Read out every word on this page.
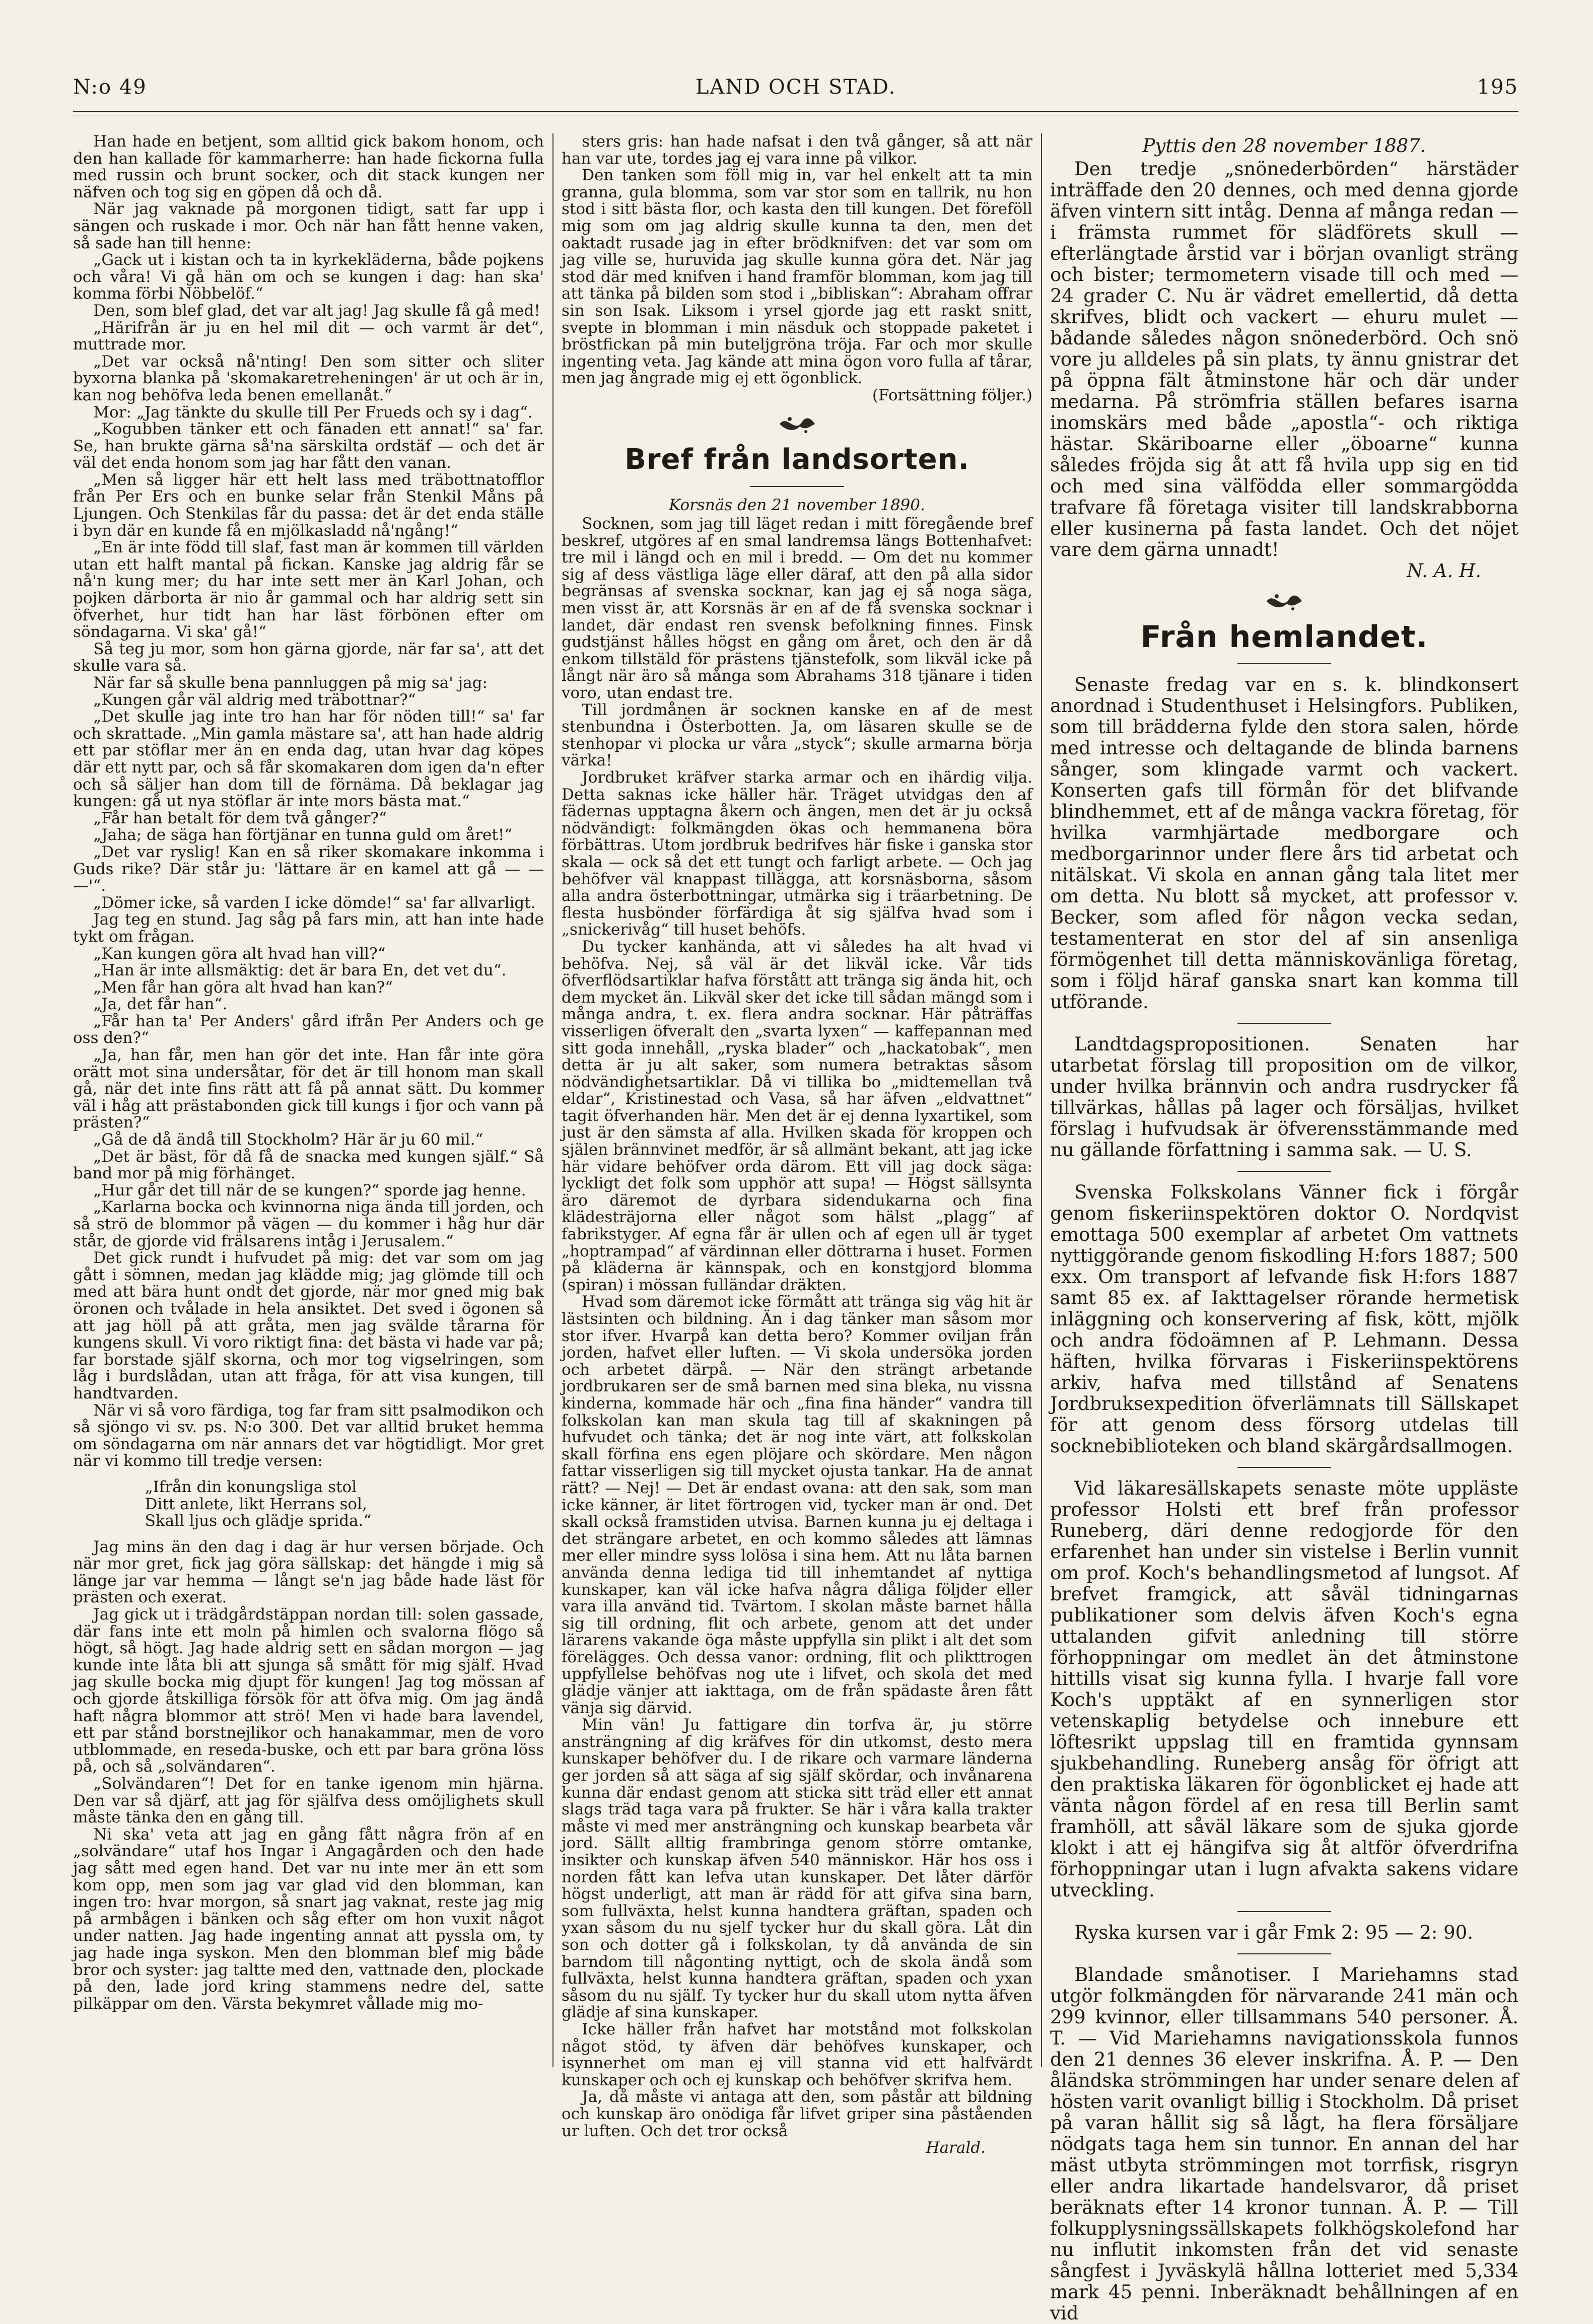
N:o 49	LAND OCH STAD.	195

Han hade en betjent, som alltid gick bakom honom, och den han kallade för kammarherre: han hade fickorna fulla med russin och brunt socker, och dit stack kungen ner näfven och tog sig en göpen då och då.

När jag vaknade på morgonen tidigt, satt far upp i sängen och ruskade i mor. Och när han fått henne vaken, så sade han till henne:

„Gack ut i kistan och ta in kyrkekläderna, både pojkens och våra! Vi gå hän om och se kungen i dag: han ska' komma förbi Nöbbelöf.“

Den, som blef glad, det var alt jag! Jag skulle få gå med!

„Härifrån är ju en hel mil dit — och varmt är det“, muttrade mor.

„Det var också nå'nting! Den som sitter och sliter byxorna blanka på 'skomakaretreheningen' är ut och är in, kan nog behöfva leda benen emellanåt.“

Mor: „Jag tänkte du skulle till Per Frueds och sy i dag“.

„Kogubben tänker ett och fänaden ett annat!“ sa' far. Se, han brukte gärna så'na särskilta ordstäf — och det är väl det enda honom som jag har fått den vanan.

„Men så ligger här ett helt lass med träbottnatofflor från Per Ers och en bunke selar från Stenkil Måns på Ljungen. Och Stenkilas får du passa: det är det enda ställe i byn där en kunde få en mjölkasladd nå'ngång!“

„En är inte född till slaf, fast man är kommen till världen utan ett halft mantal på fickan. Kanske jag aldrig får se nå'n kung mer; du har inte sett mer än Karl Johan, och pojken därborta är nio år gammal och har aldrig sett sin öfverhet, hur tidt han har läst förbönen efter om söndagarna. Vi ska' gå!“

Så teg ju mor, som hon gärna gjorde, när far sa', att det skulle vara så.

När far så skulle bena pannluggen på mig sa' jag:

„Kungen går väl aldrig med träbottnar?“

„Det skulle jag inte tro han har för nöden till!“ sa' far och skrattade. „Min gamla mästare sa', att han hade aldrig ett par stöflar mer än en enda dag, utan hvar dag köpes där ett nytt par, och så får skomakaren dom igen da'n efter och så säljer han dom till de förnäma. Då beklagar jag kungen: gå ut nya stöflar är inte mors bästa mat.“

„Får han betalt för dem två gånger?“

„Jaha; de säga han förtjänar en tunna guld om året!“

„Det var ryslig! Kan en så riker skomakare inkomma i Guds rike? Där står ju: 'lättare är en kamel att gå — — —'“.

„Dömer icke, så varden I icke dömde!“ sa' far allvarligt.

Jag teg en stund. Jag såg på fars min, att han inte hade tykt om frågan.

„Kan kungen göra alt hvad han vill?“

„Han är inte allsmäktig: det är bara En, det vet du“.

„Men får han göra alt hvad han kan?“

„Ja, det får han“.

„Får han ta' Per Anders' gård ifrån Per Anders och ge oss den?“

„Ja, han får, men han gör det inte. Han får inte göra orätt mot sina undersåtar, för det är till honom man skall gå, när det inte fins rätt att få på annat sätt. Du kommer väl i håg att prästabonden gick till kungs i fjor och vann på prästen?“

„Gå de då ändå till Stockholm? Här är ju 60 mil.“

„Det är bäst, för då få de snacka med kungen själf.“ Så band mor på mig förhänget.

„Hur går det till när de se kungen?“ sporde jag henne.

„Karlarna bocka och kvinnorna niga ända till jorden, och så strö de blommor på vägen — du kommer i håg hur där står, de gjorde vid frälsarens intåg i Jerusalem.“

Det gick rundt i hufvudet på mig: det var som om jag gått i sömnen, medan jag klädde mig; jag glömde till och med att bära hunt ondt det gjorde, när mor gned mig bak öronen och tvålade in hela ansiktet. Det sved i ögonen så att jag höll på att gråta, men jag svälde tårarna för kungens skull. Vi voro riktigt fina: det bästa vi hade var på; far borstade själf skorna, och mor tog vigselringen, som låg i burdslådan, utan att fråga, för att visa kungen, till handtvarden.

När vi så voro färdiga, tog far fram sitt psalmodikon och så sjöngo vi sv. ps. N:o 300. Det var alltid bruket hemma om söndagarna om när annars det var högtidligt. Mor gret när vi kommo till tredje versen:

„Ifrån din konungsliga stol
Ditt anlete, likt Herrans sol,
Skall ljus och glädje sprida.“

Jag mins än den dag i dag är hur versen började. Och när mor gret, fick jag göra sällskap: det hängde i mig så länge jar var hemma — långt se'n jag både hade läst för prästen och exerat.

Jag gick ut i trädgårdstäppan nordan till: solen gassade, där fans inte ett moln på himlen och svalorna flögo så högt, så högt. Jag hade aldrig sett en sådan morgon — jag kunde inte låta bli att sjunga så smått för mig själf. Hvad jag skulle bocka mig djupt för kungen! Jag tog mössan af och gjorde åtskilliga försök för att öfva mig. Om jag ändå haft några blommor att strö! Men vi hade bara lavendel, ett par stånd borstnejlikor och hanakammar, men de voro utblommade, en reseda-buske, och ett par bara gröna löss på, och så „solvändaren“.

„Solvändaren“! Det for en tanke igenom min hjärna. Den var så djärf, att jag för själfva dess omöjlighets skull måste tänka den en gång till.

Ni ska' veta att jag en gång fått några frön af en „solvändare“ utaf hos Ingar i Angagården och den hade jag sått med egen hand. Det var nu inte mer än ett som kom opp, men som jag var glad vid den blomman, kan ingen tro: hvar morgon, så snart jag vaknat, reste jag mig på armbågen i bänken och såg efter om hon vuxit något under natten. Jag hade ingenting annat att pyssla om, ty jag hade inga syskon. Men den blomman blef mig både bror och syster: jag taltte med den, vattnade den, plockade på den, lade jord kring stammens nedre del, satte pilkäppar om den. Värsta bekymret vållade mig mo-

sters gris: han hade nafsat i den två gånger, så att när han var ute, tordes jag ej vara inne på vilkor.

Den tanken som föll mig in, var hel enkelt att ta min granna, gula blomma, som var stor som en tallrik, nu hon stod i sitt bästa flor, och kasta den till kungen. Det föreföll mig som om jag aldrig skulle kunna ta den, men det oaktadt rusade jag in efter brödknifven: det var som om jag ville se, huruvida jag skulle kunna göra det. När jag stod där med knifven i hand framför blomman, kom jag till att tänka på bilden som stod i „bibliskan“: Abraham offrar sin son Isak. Liksom i yrsel gjorde jag ett raskt snitt, svepte in blomman i min näsduk och stoppade paketet i bröstfickan på min buteljgröna tröja. Far och mor skulle ingenting veta. Jag kände att mina ögon voro fulla af tårar, men jag ångrade mig ej ett ögonblick.

(Fortsättning följer.)

Bref från landsorten.

Korsnäs den 21 november 1890.

Socknen, som jag till läget redan i mitt föregående bref beskref, utgöres af en smal landremsa längs Bottenhafvet: tre mil i längd och en mil i bredd. — Om det nu kommer sig af dess västliga läge eller däraf, att den på alla sidor begränsas af svenska socknar, kan jag ej så noga säga, men visst är, att Korsnäs är en af de få svenska socknar i landet, där endast ren svensk befolkning finnes. Finsk gudstjänst hålles högst en gång om året, och den är då enkom tillstäld för prästens tjänstefolk, som likväl icke på långt när äro så många som Abrahams 318 tjänare i tiden voro, utan endast tre.

Till jordmånen är socknen kanske en af de mest stenbundna i Österbotten. Ja, om läsaren skulle se de stenhopar vi plocka ur våra „styck“; skulle armarna börja värka!

Jordbruket kräfver starka armar och en ihärdig vilja. Detta saknas icke häller här. Träget utvidgas den af fädernas upptagna åkern och ängen, men det är ju också nödvändigt: folkmängden ökas och hemmanena böra förbättras. Utom jordbruk bedrifves här fiske i ganska stor skala — ock så det ett tungt och farligt arbete. — Och jag behöfver väl knappast tillägga, att korsnäsborna, såsom alla andra österbottningar, utmärka sig i träarbetning. De flesta husbönder förfärdiga åt sig själfva hvad som i „snickerivåg“ till huset behöfs.

Du tycker kanhända, att vi således ha alt hvad vi behöfva. Nej, så väl är det likväl icke. Vår tids öfverflödsartiklar hafva förstått att tränga sig ända hit, och dem mycket än. Likväl sker det icke till sådan mängd som i många andra, t. ex. flera andra socknar. Här påträffas visserligen öfveralt den „svarta lyxen“ — kaffepannan med sitt goda innehåll, „ryska blader“ och „hackatobak“, men detta är ju alt saker, som numera betraktas såsom nödvändighetsartiklar. Då vi tillika bo „midtemellan två eldar“, Kristinestad och Vasa, så har äfven „eldvattnet“ tagit öfverhanden här. Men det är ej denna lyxartikel, som just är den sämsta af alla. Hvilken skada för kroppen och själen brännvinet medför, är så allmänt bekant, att jag icke här vidare behöfver orda därom. Ett vill jag dock säga: lyckligt det folk som upphör att supa! — Högst sällsynta äro däremot de dyrbara sidendukarna och fina klädesträjorna eller något som hälst „plagg“ af fabrikstyger. Af egna får är ullen och af egen ull är tyget „hoptrampad“ af värdinnan eller döttrarna i huset. Formen på kläderna är kännspak, och en konstgjord blomma (spiran) i mössan fulländar dräkten.

Hvad som däremot icke förmått att tränga sig väg hit är lästsinten och bildning. Än i dag tänker man såsom mor stor ifver. Hvarpå kan detta bero? Kommer oviljan från jorden, hafvet eller luften. — Vi skola undersöka jorden och arbetet därpå. — När den strängt arbetande jordbrukaren ser de små barnen med sina bleka, nu vissna kinderna, kommade här och „fina fina händer“ vandra till folkskolan kan man skula tag till af skakningen på hufvudet och tänka; det är nog inte värt, att folkskolan skall förfina ens egen plöjare och skördare. Men någon fattar visserligen sig till mycket ojusta tankar. Ha de annat rätt? — Nej! — Det är endast ovana: att den sak, som man icke känner, är litet förtrogen vid, tycker man är ond. Det skall också framstiden utvisa. Barnen kunna ju ej deltaga i det strängare arbetet, en och kommo således att lämnas mer eller mindre syss lolösa i sina hem. Att nu låta barnen använda denna lediga tid till inhemtandet af nyttiga kunskaper, kan väl icke hafva några dåliga följder eller vara illa använd tid. Tvärtom. I skolan måste barnet hålla sig till ordning, flit och arbete, genom att det under lärarens vakande öga måste uppfylla sin plikt i alt det som förelägges. Och dessa vanor: ordning, flit och plikttrogen uppfyllelse behöfvas nog ute i lifvet, och skola det med glädje vänjer att iakttaga, om de från spädaste åren fått vänja sig därvid.

Min vän! Ju fattigare din torfva är, ju större ansträngning af dig kräfves för din utkomst, desto mera kunskaper behöfver du. I de rikare och varmare länderna ger jorden så att säga af sig själf skördar, och invånarena kunna där endast genom att sticka sitt träd eller ett annat slags träd taga vara på frukter. Se här i våra kalla trakter måste vi med mer ansträngning och kunskap bearbeta vår jord. Sällt alltig frambringa genom större omtanke, insikter och kunskap äfven 540 människor. Här hos oss i norden fått kan lefva utan kunskaper. Det låter därför högst underligt, att man är rädd för att gifva sina barn, som fullväxta, helst kunna handtera gräftan, spaden och yxan såsom du nu sjelf tycker hur du skall göra. Låt din son och dotter gå i folkskolan, ty då använda de sin barndom till någonting nyttigt, och de skola ändå som fullväxta, helst kunna handtera gräftan, spaden och yxan såsom du nu själf. Ty tycker hur du skall utom nytta äfven glädje af sina kunskaper.

Icke häller från hafvet har motstånd mot folkskolan något stöd, ty äfven där behöfves kunskaper, och isynnerhet om man ej vill stanna vid ett halfvärdt kunskaper och och ej kunskap och behöfver skrifva hem.

Ja, då måste vi antaga att den, som påstår att bildning och kunskap äro onödiga får lifvet griper sina påståenden ur luften. Och det tror också

Harald.

Pyttis den 28 november 1887.

Den tredje „snönederbörden“ härstäder inträffade den 20 dennes, och med denna gjorde äfven vintern sitt intåg. Denna af många redan — i främsta rummet för slädförets skull — efterlängtade årstid var i början ovanligt sträng och bister; termometern visade till och med — 24 grader C. Nu är vädret emellertid, då detta skrifves, blidt och vackert — ehuru mulet — bådande således någon snönederbörd. Och snö vore ju alldeles på sin plats, ty ännu gnistrar det på öppna fält åtminstone här och där under medarna. På strömfria ställen befares isarna inomskärs med både „apostla“- och riktiga hästar. Skäriboarne eller „öboarne“ kunna således fröjda sig åt att få hvila upp sig en tid och med sina välfödda eller sommargödda trafvare få företaga visiter till landskrabborna eller kusinerna på fasta landet. Och det nöjet vare dem gärna unnadt!

N. A. H.

Från hemlandet.

Senaste fredag var en s. k. blindkonsert anordnad i Studenthuset i Helsingfors. Publiken, som till brädderna fylde den stora salen, hörde med intresse och deltagande de blinda barnens sånger, som klingade varmt och vackert. Konserten gafs till förmån för det blifvande blindhemmet, ett af de många vackra företag, för hvilka varmhjärtade medborgare och medborgarinnor under flere års tid arbetat och nitälskat. Vi skola en annan gång tala litet mer om detta. Nu blott så mycket, att professor v. Becker, som afled för någon vecka sedan, testamenterat en stor del af sin ansenliga förmögenhet till detta människovänliga företag, som i följd häraf ganska snart kan komma till utförande.

Landtdagspropositionen. Senaten har utarbetat förslag till proposition om de vilkor, under hvilka brännvin och andra rusdrycker få tillvärkas, hållas på lager och försäljas, hvilket förslag i hufvudsak är öfverensstämmande med nu gällande författning i samma sak. — U. S.

Svenska Folkskolans Vänner fick i förgår genom fiskeriinspektören doktor O. Nordqvist emottaga 500 exemplar af arbetet Om vattnets nyttiggörande genom fiskodling H:fors 1887; 500 exx. Om transport af lefvande fisk H:fors 1887 samt 85 ex. af Iakttagelser rörande hermetisk inläggning och konservering af fisk, kött, mjölk och andra födoämnen af P. Lehmann. Dessa häften, hvilka förvaras i Fiskeriinspektörens arkiv, hafva med tillstånd af Senatens Jordbruksexpedition öfverlämnats till Sällskapet för att genom dess försorg utdelas till socknebiblioteken och bland skärgårdsallmogen.

Vid läkaresällskapets senaste möte uppläste professor Holsti ett bref från professor Runeberg, däri denne redogjorde för den erfarenhet han under sin vistelse i Berlin vunnit om prof. Koch's behandlingsmetod af lungsot. Af brefvet framgick, att såväl tidningarnas publikationer som delvis äfven Koch's egna uttalanden gifvit anledning till större förhoppningar om medlet än det åtminstone hittills visat sig kunna fylla. I hvarje fall vore Koch's upptäkt af en synnerligen stor vetenskaplig betydelse och innebure ett löftesrikt uppslag till en framtida gynnsam sjukbehandling. Runeberg ansåg för öfrigt att den praktiska läkaren för ögonblicket ej hade att vänta någon fördel af en resa till Berlin samt framhöll, att såväl läkare som de sjuka gjorde klokt i att ej hängifva sig åt altför öfverdrifna förhoppningar utan i lugn afvakta sakens vidare utveckling.

Ryska kursen var i går Fmk 2: 95 — 2: 90.

Blandade smånotiser. I Mariehamns stad utgör folkmängden för närvarande 241 män och 299 kvinnor, eller tillsammans 540 personer. Å. T. — Vid Mariehamns navigationsskola funnos den 21 dennes 36 elever inskrifna. Å. P. — Den åländska strömmingen har under senare delen af hösten varit ovanligt billig i Stockholm. Då priset på varan hållit sig så lågt, ha flera försäljare nödgats taga hem sin tunnor. En annan del har mäst utbyta strömmingen mot torrfisk, risgryn eller andra likartade handelsvaror, då priset beräknats efter 14 kronor tunnan. Å. P. — Till folkupplysningssällskapets folkhögskolefond har nu influtit inkomsten från det vid senaste sångfest i Jyväskylä hållna lotteriet med 5,334 mark 45 penni. Inberäknadt behållningen af en vid
